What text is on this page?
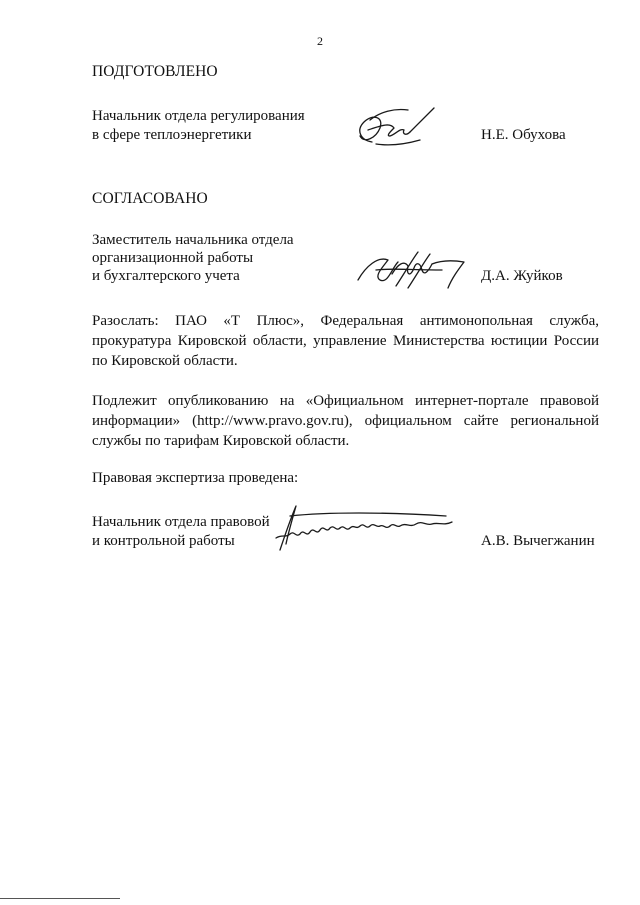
2
ПОДГОТОВЛЕНО
Начальник отдела регулирования
в сфере теплоэнергетики	Н.Е. Обухова
СОГЛАСОВАНО
Заместитель начальника отдела
организационной работы
и бухгалтерского учета	Д.А. Жуйков
Разослать: ПАО «Т Плюс», Федеральная антимонопольная служба,
прокуратура Кировской области, управление Министерства юстиции России
по Кировской области.
Подлежит опубликованию на «Официальном интернет-портале правовой
информации» (http://www.pravo.gov.ru), официальном сайте региональной
службы по тарифам Кировской области.
Правовая экспертиза проведена:
Начальник отдела правовой
и контрольной работы	А.В. Вычегжанин
